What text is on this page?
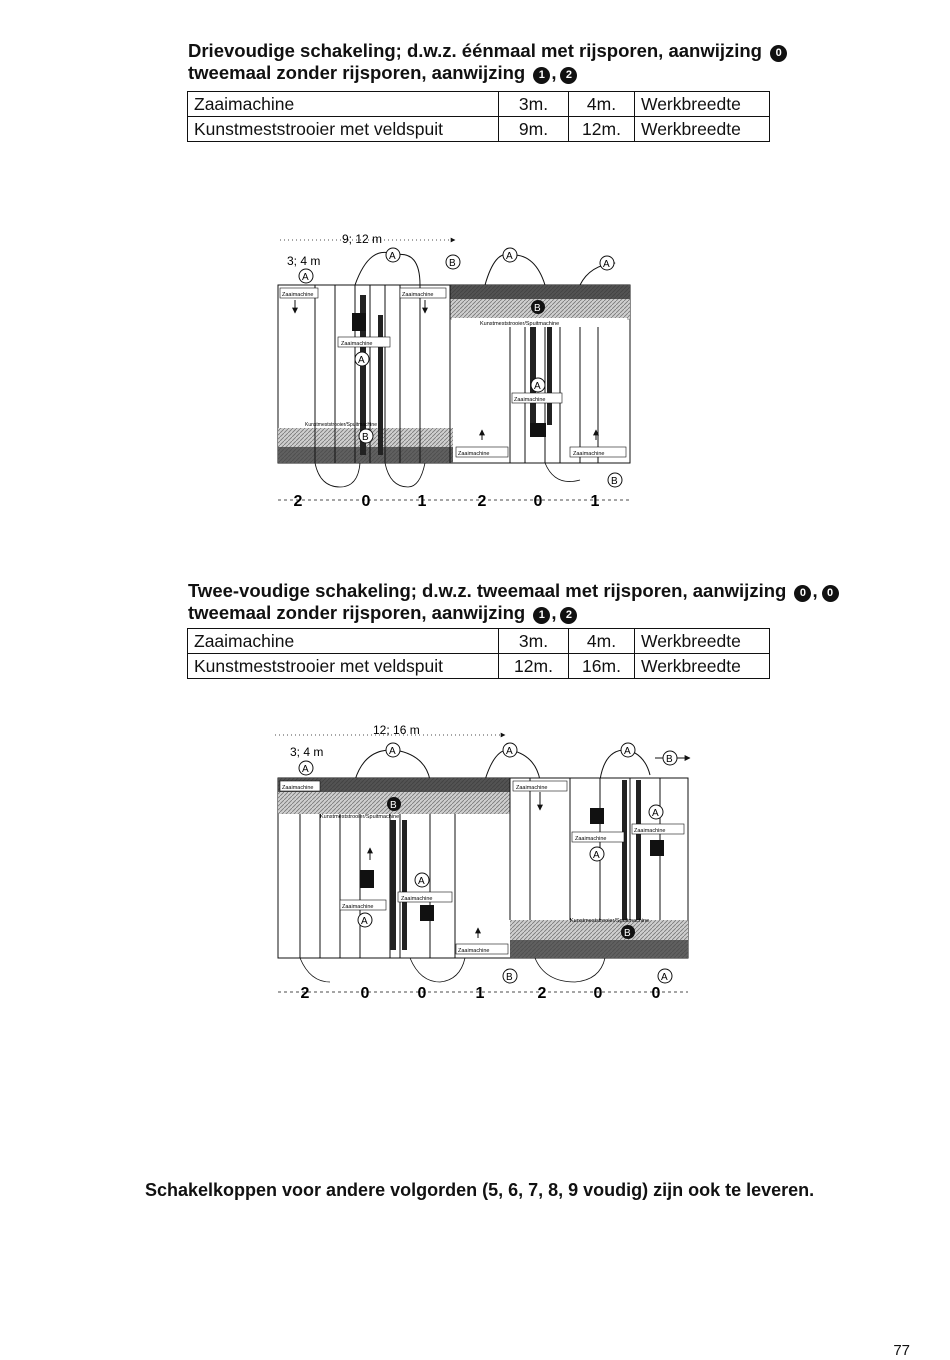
Drievoudige schakeling; d.w.z. éénmaal met rijsporen, aanwijzing 0
tweemaal zonder rijsporen, aanwijzing 1 , 2
Zaaimachine	3m.	4m.	Werkbreedte
Kunstmeststrooier met veldspuit	9m.	12m.	Werkbreedte
9; 12 m
3; 4 m	A
B
A
A
A
Zaaimachine	Zaaimachine
Zaaimachine
Kunstmeststrooier/Spuitmachine
Kunstmeststrooier/Spuitmachine
Zaaimachine
Zaaimachine
Zaaimachine
B
B
A
A
B
2	0	1	2	0	1
Twee-voudige schakeling; d.w.z. tweemaal met rijsporen, aanwijzing 0 , 0
tweemaal zonder rijsporen, aanwijzing 1 , 2
Zaaimachine	3m.	4m.	Werkbreedte
Kunstmeststrooier met veldspuit	12m.	16m.	Werkbreedte
12; 16 m
3; 4 m	A	A	A
B
A
Zaaimachine
Kunstmeststrooier/Spuitmachine
Zaaimachine
Zaaimachine
Zaaimachine
Zaaimachine
Zaaimachine
Zaaimachine
Kunstmeststrooier/Spuitmachine
B
B
A
A
A
A
B	A
2	0	0	1	2	0	0
Schakelkoppen voor andere volgorden (5, 6, 7, 8, 9 voudig) zijn ook te leveren.
77
